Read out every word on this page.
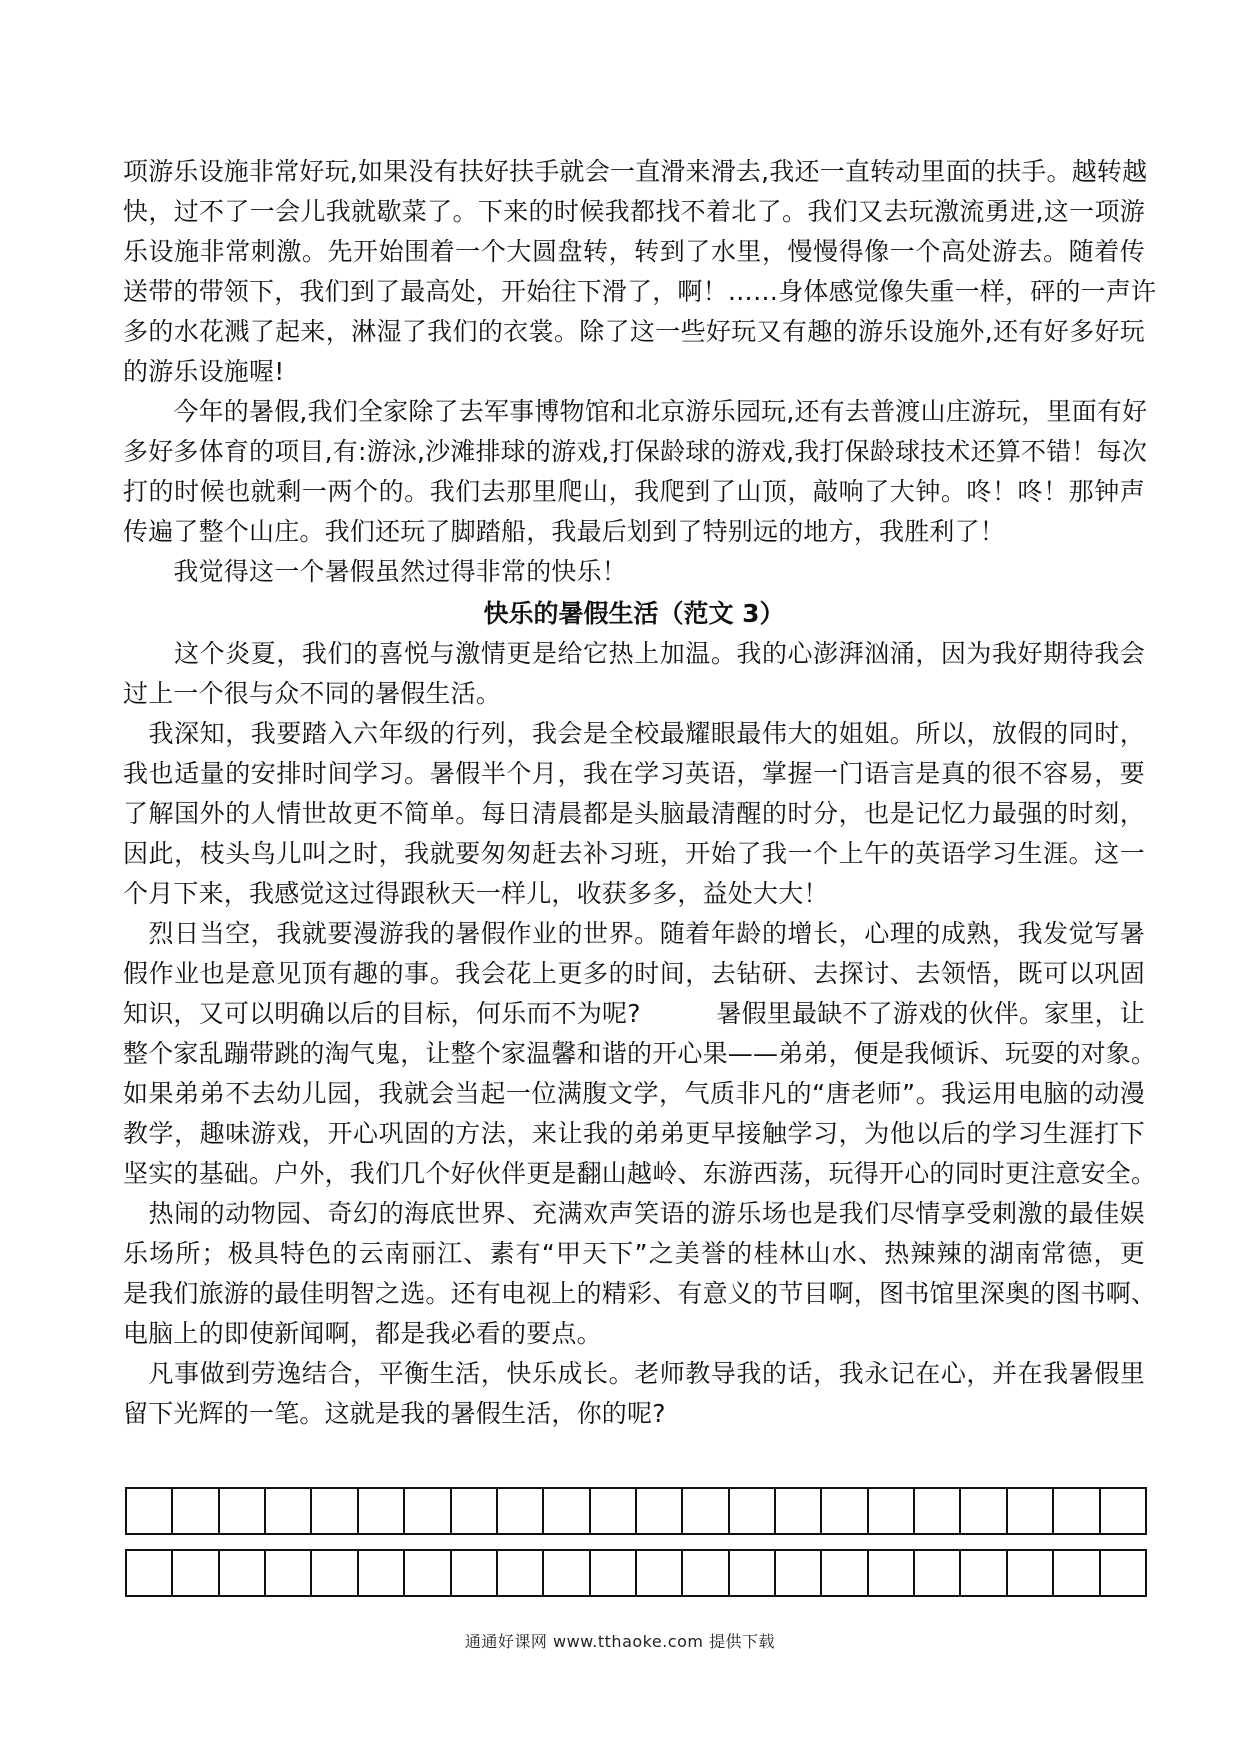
项游乐设施非常好玩,如果没有扶好扶手就会一直滑来滑去,我还一直转动里面的扶手。越转越
快，过不了一会儿我就歇菜了。下来的时候我都找不着北了。我们又去玩激流勇进,这一项游
乐设施非常刺激。先开始围着一个大圆盘转，转到了水里，慢慢得像一个高处游去。随着传
送带的带领下，我们到了最高处，开始往下滑了，啊！……身体感觉像失重一样，砰的一声许
多的水花溅了起来，淋湿了我们的衣裳。除了这一些好玩又有趣的游乐设施外,还有好多好玩
的游乐设施喔!
　　今年的暑假,我们全家除了去军事博物馆和北京游乐园玩,还有去普渡山庄游玩，里面有好
多好多体育的项目,有:游泳,沙滩排球的游戏,打保龄球的游戏,我打保龄球技术还算不错！每次
打的时候也就剩一两个的。我们去那里爬山，我爬到了山顶，敲响了大钟。咚！咚！那钟声
传遍了整个山庄。我们还玩了脚踏船，我最后划到了特别远的地方，我胜利了！
　　我觉得这一个暑假虽然过得非常的快乐！
快乐的暑假生活（范文 3）
　　这个炎夏，我们的喜悦与激情更是给它热上加温。我的心澎湃汹涌，因为我好期待我会
过上一个很与众不同的暑假生活。
　我深知，我要踏入六年级的行列，我会是全校最耀眼最伟大的姐姐。所以，放假的同时，
我也适量的安排时间学习。暑假半个月，我在学习英语，掌握一门语言是真的很不容易，要
了解国外的人情世故更不简单。每日清晨都是头脑最清醒的时分，也是记忆力最强的时刻，
因此，枝头鸟儿叫之时，我就要匆匆赶去补习班，开始了我一个上午的英语学习生涯。这一
个月下来，我感觉这过得跟秋天一样儿，收获多多，益处大大！
　烈日当空，我就要漫游我的暑假作业的世界。随着年龄的增长，心理的成熟，我发觉写暑
假作业也是意见顶有趣的事。我会花上更多的时间，去钻研、去探讨、去领悟，既可以巩固
知识，又可以明确以后的目标，何乐而不为呢?　　　暑假里最缺不了游戏的伙伴。家里，让
整个家乱蹦带跳的淘气鬼，让整个家温馨和谐的开心果——弟弟，便是我倾诉、玩耍的对象。
如果弟弟不去幼儿园，我就会当起一位满腹文学，气质非凡的“唐老师”。我运用电脑的动漫
教学，趣味游戏，开心巩固的方法，来让我的弟弟更早接触学习，为他以后的学习生涯打下
坚实的基础。户外，我们几个好伙伴更是翻山越岭、东游西荡，玩得开心的同时更注意安全。
　热闹的动物园、奇幻的海底世界、充满欢声笑语的游乐场也是我们尽情享受刺激的最佳娱
乐场所；极具特色的云南丽江、素有“甲天下”之美誉的桂林山水、热辣辣的湖南常德，更
是我们旅游的最佳明智之选。还有电视上的精彩、有意义的节目啊，图书馆里深奥的图书啊、
电脑上的即使新闻啊，都是我必看的要点。
　凡事做到劳逸结合，平衡生活，快乐成长。老师教导我的话，我永记在心，并在我暑假里
留下光辉的一笔。这就是我的暑假生活，你的呢?
通通好课网 www.tthaoke.com 提供下载
